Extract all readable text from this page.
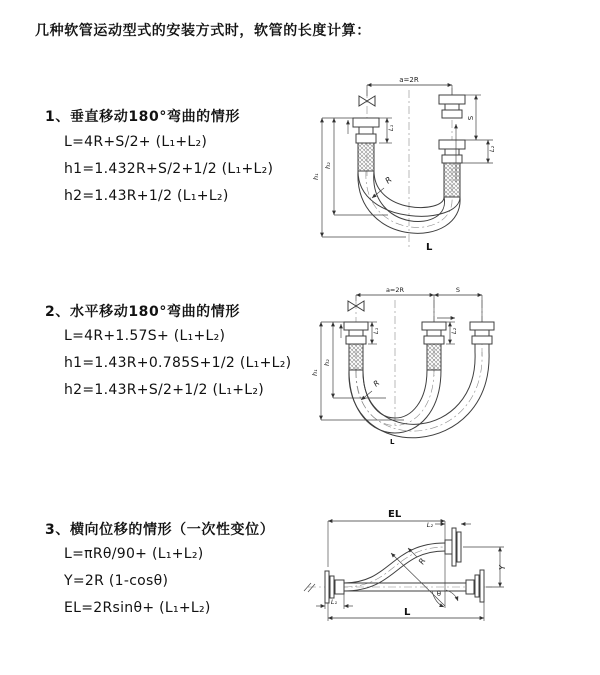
几种软管运动型式的安装方式时，软管的长度计算：
1、垂直移动180°弯曲的情形
L=4R+S/2+ (L₁+L₂)
h1=1.432R+S/2+1/2 (L₁+L₂)
h2=1.43R+1/2 (L₁+L₂)
2、水平移动180°弯曲的情形
L=4R+1.57S+ (L₁+L₂)
h1=1.43R+0.785S+1/2 (L₁+L₂)
h2=1.43R+S/2+1/2 (L₁+L₂)
3、横向位移的情形（一次性变位）
L=πRθ/90+ (L₁+L₂)
Y=2R (1-cosθ)
EL=2Rsinθ+ (L₁+L₂)
a=2R
h₁
h₂
L₁
S
L₂
R
L
a=2R	S
h₁
h₂
L₁	L₂
R
L
EL
L₂
Y
R
θ
L₁
L
